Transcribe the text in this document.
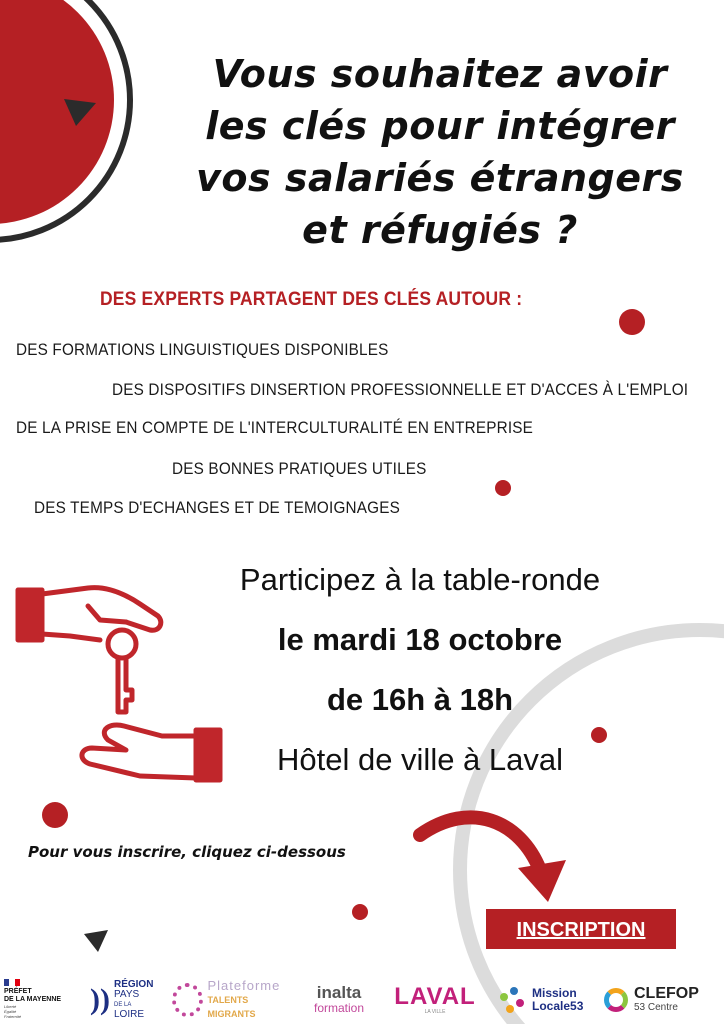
Vous souhaitez avoir
les clés pour intégrer
vos salariés étrangers
et réfugiés ?
DES EXPERTS PARTAGENT DES CLÉS AUTOUR :
DES FORMATIONS LINGUISTIQUES DISPONIBLES
DES DISPOSITIFS DINSERTION PROFESSIONNELLE ET D'ACCES À L'EMPLOI
DE LA PRISE EN COMPTE DE L'INTERCULTURALITÉ EN ENTREPRISE
DES BONNES PRATIQUES UTILES
DES TEMPS D'ECHANGES ET DE TEMOIGNAGES
Participez à la table-ronde
le mardi 18 octobre
de 16h à 18h
Hôtel de ville à Laval
Pour vous inscrire, cliquez ci-dessous
INSCRIPTION
PRÉFET
DE LA MAYENNE
Liberté
Égalité
Fraternité
)) RÉGION
PAYS
DE LA
LOIRE
Plateforme
TALENTS MIGRANTS
inalta
formation LAVAL
LA VILLE
Mission
Locale53
CLEFOP
53 Centre
